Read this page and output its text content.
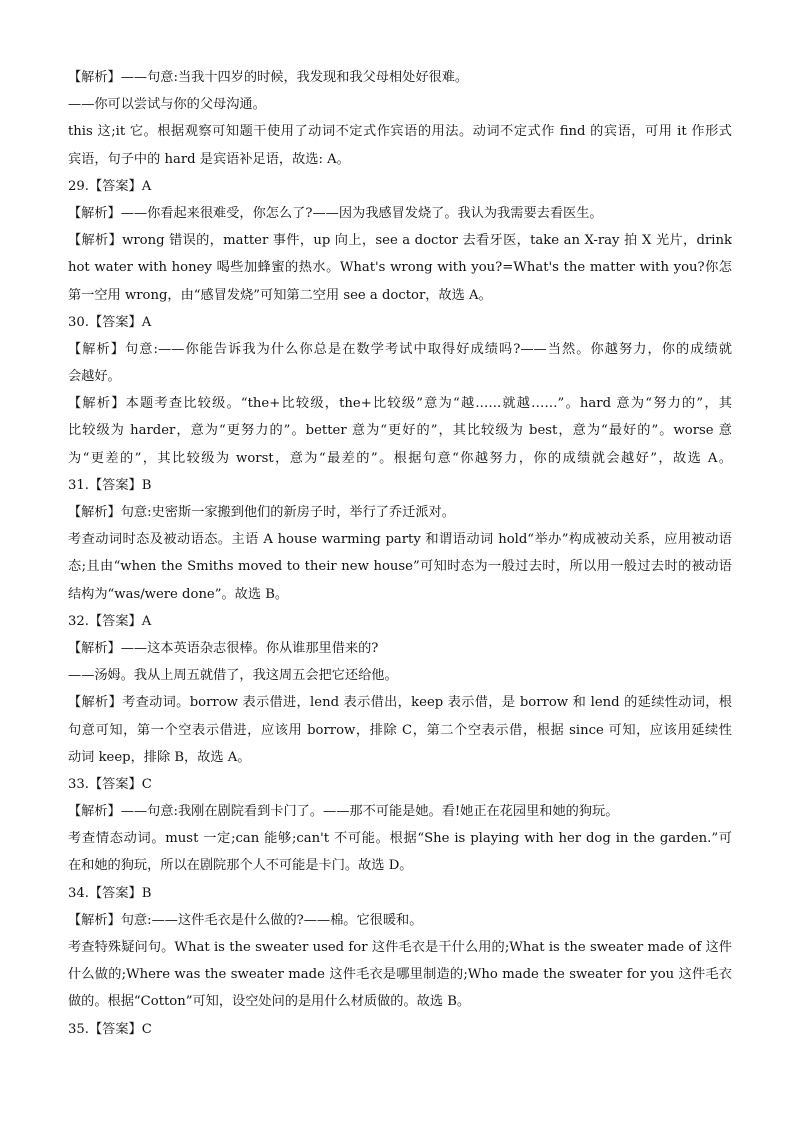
【解析】——句意:当我十四岁的时候，我发现和我父母相处好很难。
——你可以尝试与你的父母沟通。
this 这;it 它。根据观察可知题干使用了动词不定式作宾语的用法。动词不定式作 find 的宾语，可用 it 作形式
宾语，句子中的 hard 是宾语补足语，故选: A。
29.【答案】A
【解析】——你看起来很难受，你怎么了?——因为我感冒发烧了。我认为我需要去看医生。
【解析】wrong 错误的，matter 事件，up 向上，see a doctor 去看牙医，take an X-ray 拍 X 光片，drink
hot water with honey 喝些加蜂蜜的热水。What's wrong with you?=What's the matter with you?你怎
第一空用 wrong，由“感冒发烧”可知第二空用 see a doctor，故选 A。
30.【答案】A
【解析】句意:——你能告诉我为什么你总是在数学考试中取得好成绩吗?——当然。你越努力，你的成绩就
会越好。
【解析】本题考查比较级。“the+比较级，the+比较级”意为“越.…..就越……”。hard 意为“努力的”，其
比较级为 harder，意为“更努力的”。better 意为“更好的”，其比较级为 best，意为“最好的”。worse 意
为“更差的”，其比较级为 worst，意为“最差的”。根据句意“你越努力，你的成绩就会越好”，故选 A。
31.【答案】B
【解析】句意:史密斯一家搬到他们的新房子时，举行了乔迁派对。
考查动词时态及被动语态。主语 A house warming party 和谓语动词 hold“举办”构成被动关系，应用被动语
态;且由“when the Smiths moved to their new house”可知时态为一般过去时，所以用一般过去时的被动语
结构为“was/were done”。故选 B。
32.【答案】A
【解析】——这本英语杂志很棒。你从谁那里借来的?
——汤姆。我从上周五就借了，我这周五会把它还给他。
【解析】考查动词。borrow 表示借进，lend 表示借出，keep 表示借，是 borrow 和 lend 的延续性动词，根
句意可知，第一个空表示借进，应该用 borrow，排除 C，第二个空表示借，根据 since 可知，应该用延续性
动词 keep，排除 B，故选 A。
33.【答案】C
【解析】——句意:我刚在剧院看到卡门了。——那不可能是她。看!她正在花园里和她的狗玩。
考查情态动词。must 一定;can 能够;can't 不可能。根据“She is playing with her dog in the garden.”可
在和她的狗玩，所以在剧院那个人不可能是卡门。故选 D。
34.【答案】B
【解析】句意:——这件毛衣是什么做的?——棉。它很暖和。
考查特殊疑问句。What is the sweater used for 这件毛衣是干什么用的;What is the sweater made of 这件
什么做的;Where was the sweater made 这件毛衣是哪里制造的;Who made the sweater for you 这件毛衣
做的。根据“Cotton”可知，设空处问的是用什么材质做的。故选 B。
35.【答案】C
